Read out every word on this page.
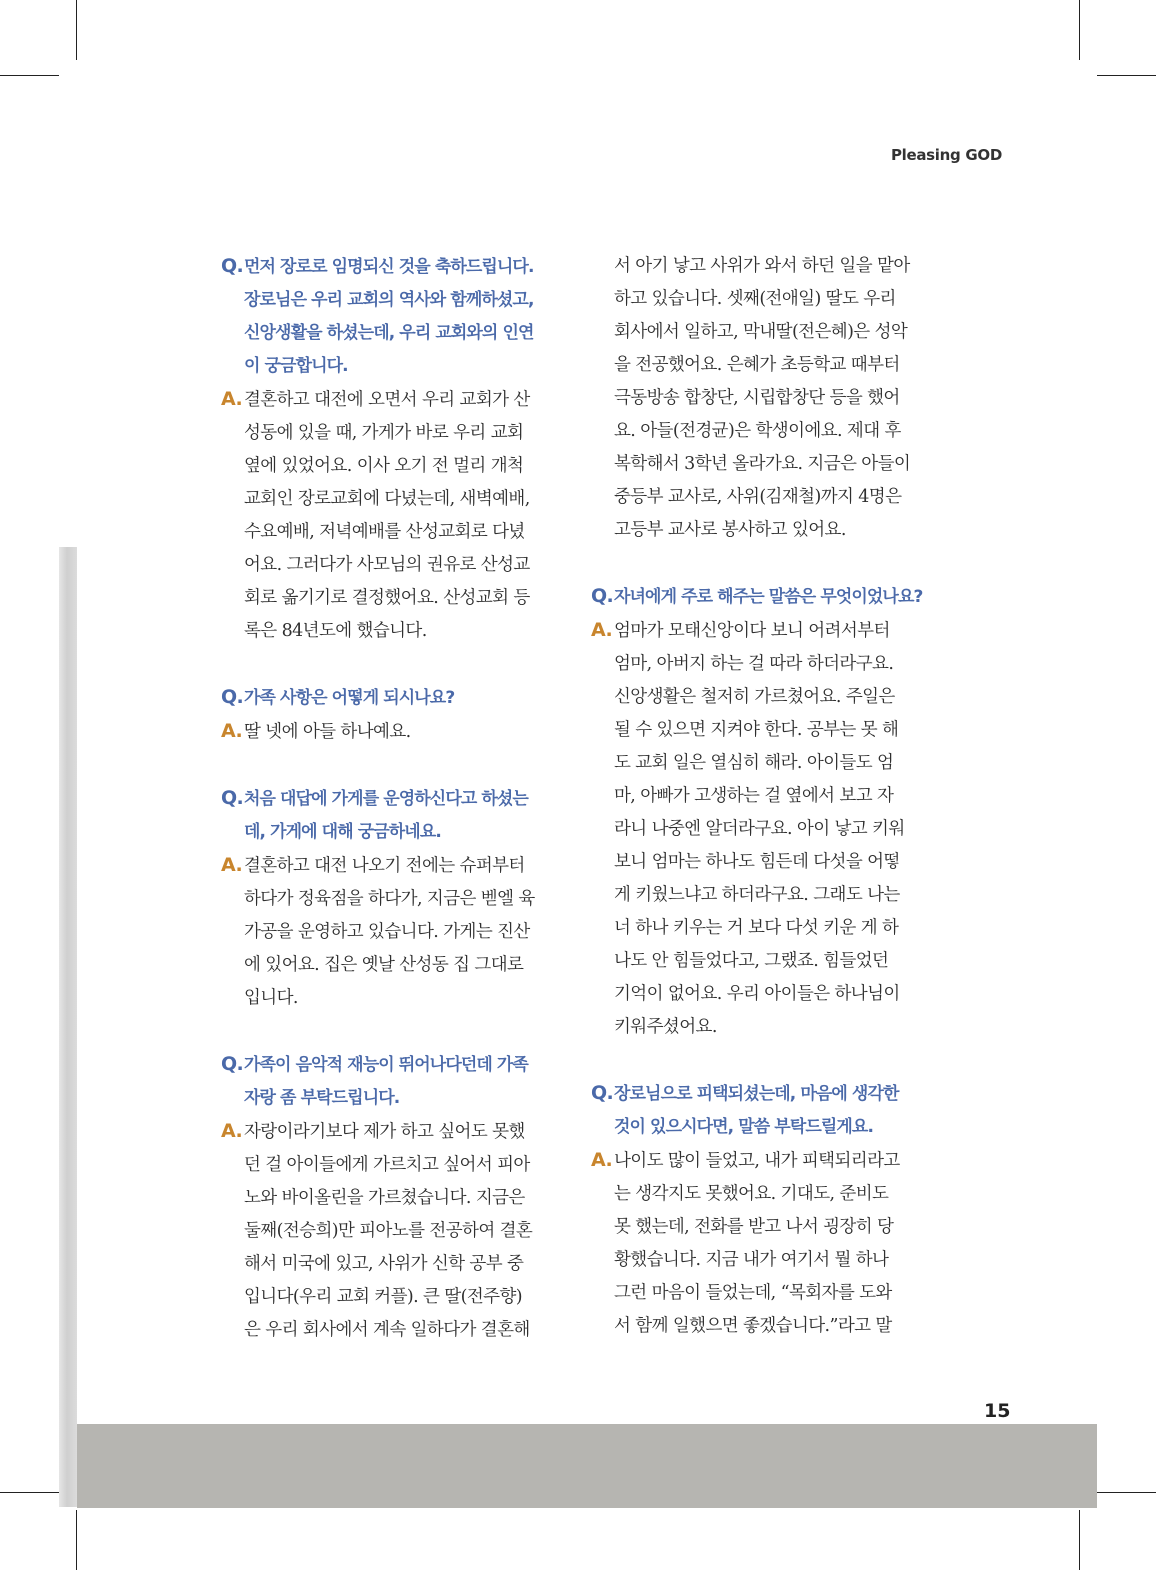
Pleasing GOD
15
Q. 먼저 장로로 임명되신 것을 축하드립니다.
장로님은 우리 교회의 역사와 함께하셨고,
신앙생활을 하셨는데, 우리 교회와의 인연
이 궁금합니다.
A. 결혼하고 대전에 오면서 우리 교회가 산
성동에 있을 때, 가게가 바로 우리 교회
옆에 있었어요. 이사 오기 전 멀리 개척
교회인 장로교회에 다녔는데, 새벽예배,
수요예배, 저녁예배를 산성교회로 다녔
어요. 그러다가 사모님의 권유로 산성교
회로 옮기기로 결정했어요. 산성교회 등
록은 84년도에 했습니다.
Q. 가족 사항은 어떻게 되시나요?
A. 딸 넷에 아들 하나예요.
Q. 처음 대답에 가게를 운영하신다고 하셨는
데, 가게에 대해 궁금하네요.
A. 결혼하고 대전 나오기 전에는 슈퍼부터
하다가 정육점을 하다가, 지금은 벧엘 육
가공을 운영하고 있습니다. 가게는 진산
에 있어요. 집은 옛날 산성동 집 그대로
입니다.
Q. 가족이 음악적 재능이 뛰어나다던데 가족
자랑 좀 부탁드립니다.
A. 자랑이라기보다 제가 하고 싶어도 못했
던 걸 아이들에게 가르치고 싶어서 피아
노와 바이올린을 가르쳤습니다. 지금은
둘째(전승희)만 피아노를 전공하여 결혼
해서 미국에 있고, 사위가 신학 공부 중
입니다(우리 교회 커플). 큰 딸(전주향)
은 우리 회사에서 계속 일하다가 결혼해
서 아기 낳고 사위가 와서 하던 일을 맡아
하고 있습니다. 셋째(전애일) 딸도 우리
회사에서 일하고, 막내딸(전은혜)은 성악
을 전공했어요. 은혜가 초등학교 때부터
극동방송 합창단, 시립합창단 등을 했어
요. 아들(전경균)은 학생이에요. 제대 후
복학해서 3학년 올라가요. 지금은 아들이
중등부 교사로, 사위(김재철)까지 4명은
고등부 교사로 봉사하고 있어요.
Q. 자녀에게 주로 해주는 말씀은 무엇이었나요?
A. 엄마가 모태신앙이다 보니 어려서부터
엄마, 아버지 하는 걸 따라 하더라구요.
신앙생활은 철저히 가르쳤어요. 주일은
될 수 있으면 지켜야 한다. 공부는 못 해
도 교회 일은 열심히 해라. 아이들도 엄
마, 아빠가 고생하는 걸 옆에서 보고 자
라니 나중엔 알더라구요. 아이 낳고 키워
보니 엄마는 하나도 힘든데 다섯을 어떻
게 키웠느냐고 하더라구요. 그래도 나는
너 하나 키우는 거 보다 다섯 키운 게 하
나도 안 힘들었다고, 그랬죠. 힘들었던
기억이 없어요. 우리 아이들은 하나님이
키워주셨어요.
Q. 장로님으로 피택되셨는데, 마음에 생각한
것이 있으시다면, 말씀 부탁드릴게요.
A. 나이도 많이 들었고, 내가 피택되리라고
는 생각지도 못했어요. 기대도, 준비도
못 했는데, 전화를 받고 나서 굉장히 당
황했습니다. 지금 내가 여기서 뭘 하나
그런 마음이 들었는데, “목회자를 도와
서 함께 일했으면 좋겠습니다.”라고 말
